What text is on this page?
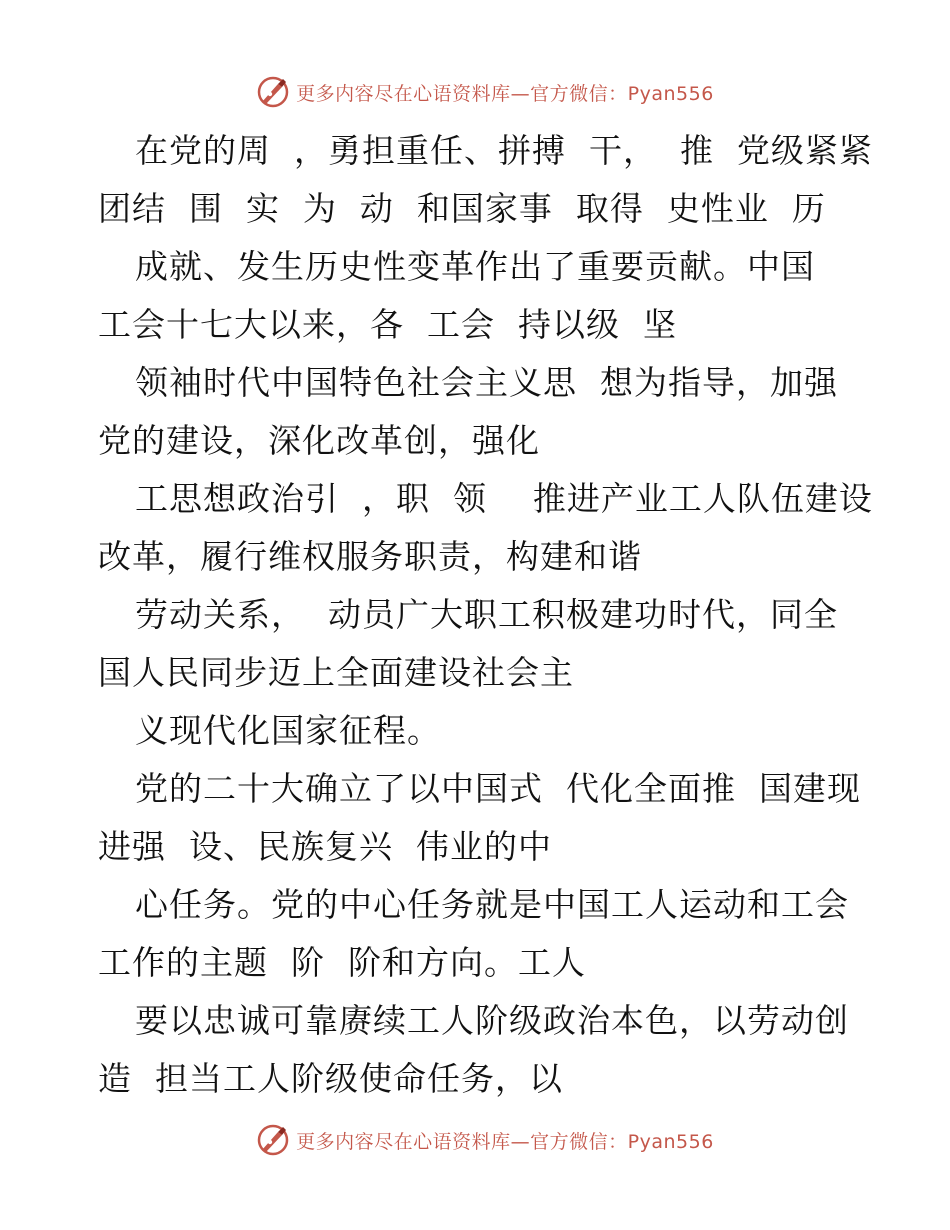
更多内容尽在心语资料库—官方微信：Pyan556
在党的周  ，勇担重任、拼搏  干，  推  党级紧紧
团结  围  实  为  动  和国家事  取得  史性业  历
成就、发生历史性变革作出了重要贡献。中国
工会十七大以来，各  工会  持以级  坚
领袖时代中国特色社会主义思  想为指导，加强
党的建设，深化改革创，强化
工思想政治引  ，职  领    推进产业工人队伍建设
改革，履行维权服务职责，构建和谐
劳动关系，  动员广大职工积极建功时代，同全
国人民同步迈上全面建设社会主
义现代化国家征程。
党的二十大确立了以中国式  代化全面推  国建现
进强  设、民族复兴  伟业的中
心任务。党的中心任务就是中国工人运动和工会
工作的主题  阶  阶和方向。工人
要以忠诚可靠赓续工人阶级政治本色，以劳动创
造  担当工人阶级使命任务，以
更多内容尽在心语资料库—官方微信：Pyan556
